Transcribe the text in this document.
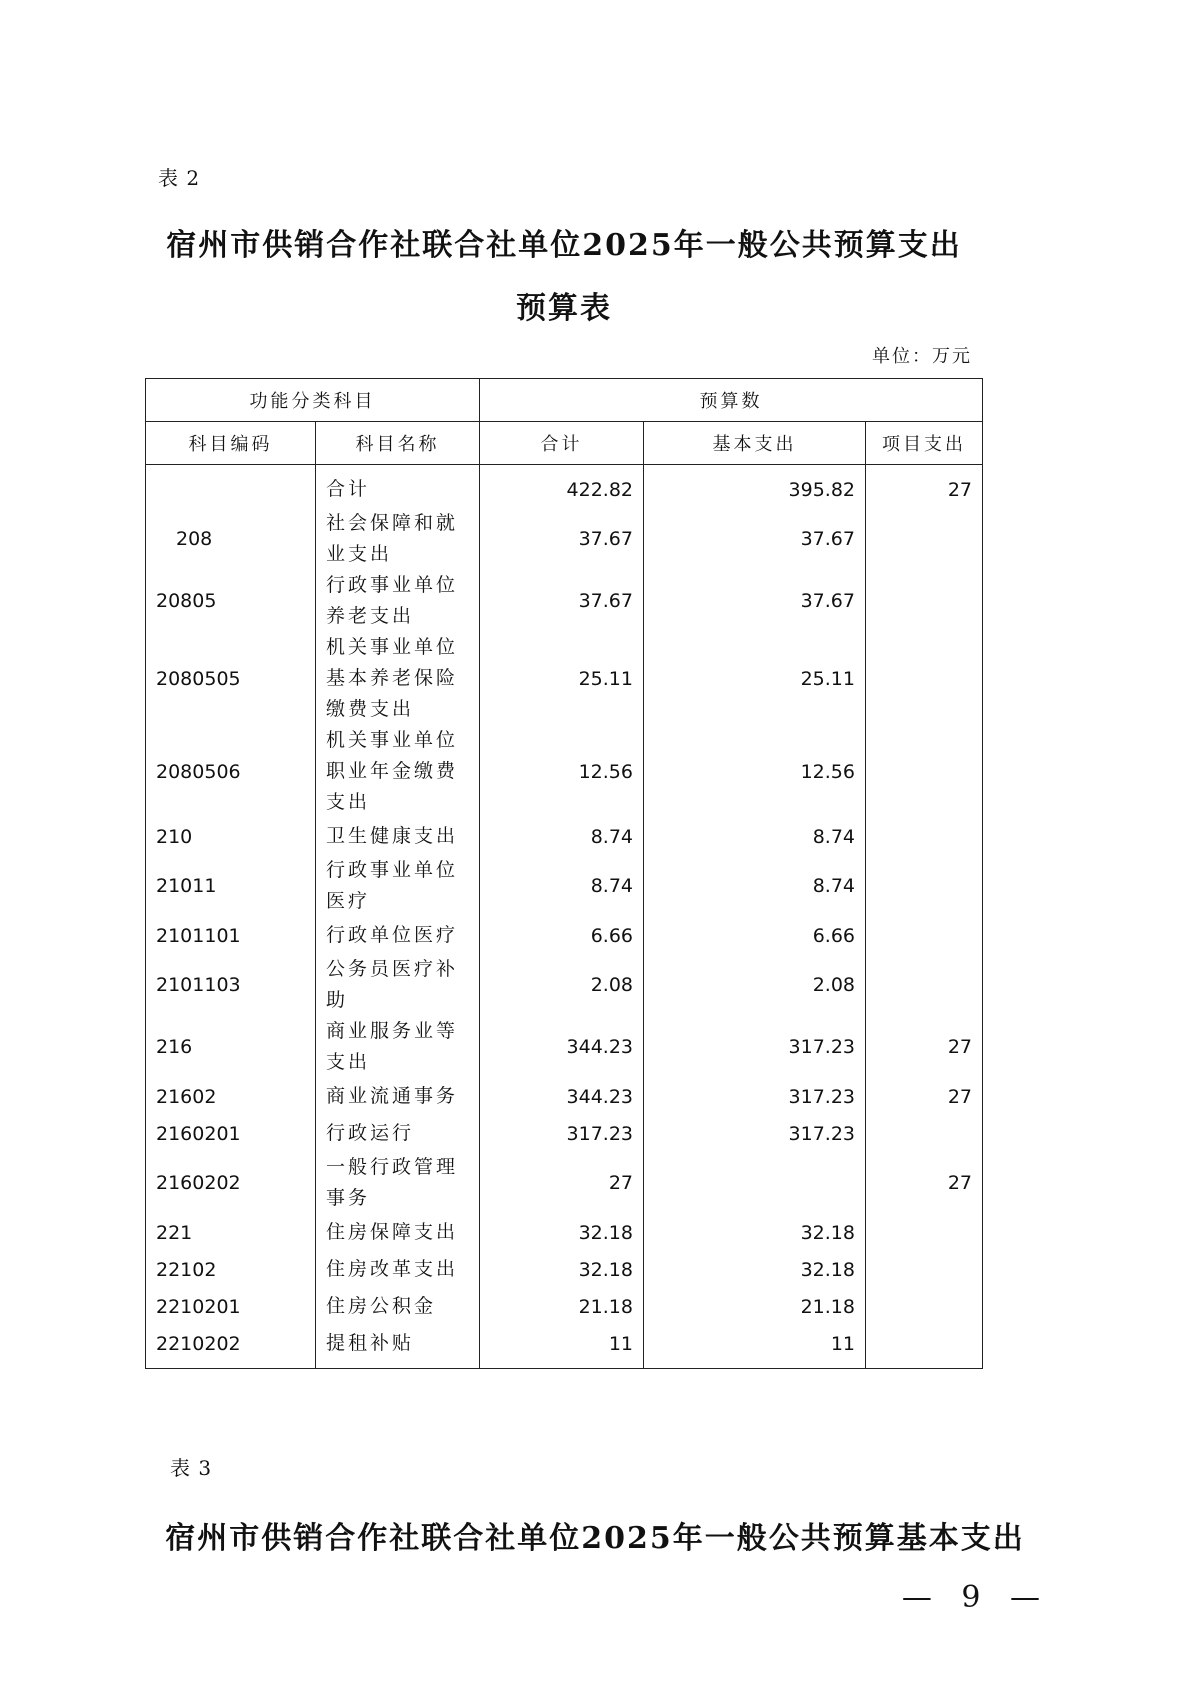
表 2
宿州市供销合作社联合社单位2025年一般公共预算支出
预算表
单位：万元
功能分类科目		预算数		
科目编码	科目名称	合计	基本支出	项目支出
	合计	422.82	395.82	27
208	社会保障和就业支出	37.67	37.67	
20805	行政事业单位养老支出	37.67	37.67	
2080505	机关事业单位基本养老保险缴费支出	25.11	25.11	
2080506	机关事业单位职业年金缴费支出	12.56	12.56	
210	卫生健康支出	8.74	8.74	
21011	行政事业单位医疗	8.74	8.74	
2101101	行政单位医疗	6.66	6.66	
2101103	公务员医疗补助	2.08	2.08	
216	商业服务业等支出	344.23	317.23	27
21602	商业流通事务	344.23	317.23	27
2160201	行政运行	317.23	317.23	
2160202	一般行政管理事务	27		27
221	住房保障支出	32.18	32.18	
22102	住房改革支出	32.18	32.18	
2210201	住房公积金	21.18	21.18	
2210202	提租补贴	11	11	
表 3
宿州市供销合作社联合社单位2025年一般公共预算基本支出
— 9 —
